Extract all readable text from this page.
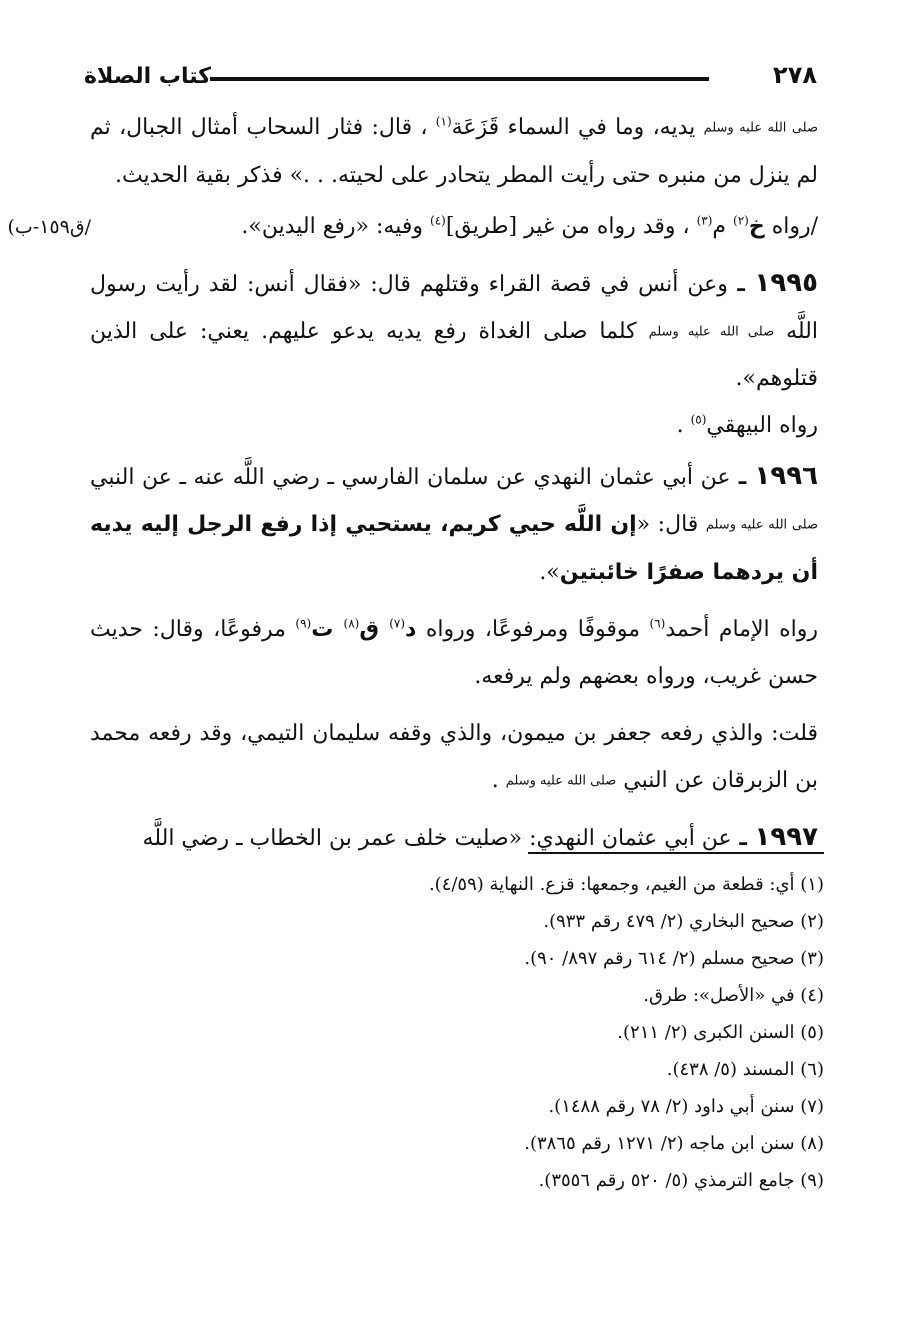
٢٧٨
كتاب الصلاة
/ق١٥٩-ب)

صلى الله عليه وسلم يديه، وما في السماء قَزَعَة$^{(١)}$ ، قال: فثار السحاب أمثال الجبال، ثم لم ينزل من منبره حتى رأيت المطر يتحادر على لحيته. . .» فذكر بقية الحديث.

/رواه خ$^{(٢)}$ م$^{(٣)}$ ، وقد رواه من غير [طريق]$^{(٤)}$ وفيه: «رفع اليدين».

١٩٩٥ ـ وعن أنس في قصة القراء وقتلهم قال: «فقال أنس: لقد رأيت رسول اللَّه صلى الله عليه وسلم كلما صلى الغداة رفع يديه يدعو عليهم. يعني: على الذين قتلوهم».
رواه البيهقي$^{(٥)}$ .

١٩٩٦ ـ عن أبي عثمان النهدي عن سلمان الفارسي ـ رضي اللَّه عنه ـ عن النبي صلى الله عليه وسلم قال: «إن اللَّه حيي كريم، يستحيي إذا رفع الرجل إليه يديه أن يردهما صفرًا خائبتين».

رواه الإمام أحمد$^{(٦)}$ موقوفًا ومرفوعًا، ورواه د$^{(٧)}$ ق$^{(٨)}$ ت$^{(٩)}$ مرفوعًا، وقال: حديث حسن غريب، ورواه بعضهم ولم يرفعه.

قلت: والذي رفعه جعفر بن ميمون، والذي وقفه سليمان التيمي، وقد رفعه محمد بن الزبرقان عن النبي صلى الله عليه وسلم .

١٩٩٧ ـ عن أبي عثمان النهدي: «صليت خلف عمر بن الخطاب ـ رضي اللَّه

(١) أي: قطعة من الغيم، وجمعها: قزع. النهاية (٤/٥٩).

(٢) صحيح البخاري (٢/ ٤٧٩ رقم ٩٣٣).

(٣) صحيح مسلم (٢/ ٦١٤ رقم ٨٩٧/ ٩٠).

(٤) في «الأصل»: طرق.

(٥) السنن الكبرى (٢/ ٢١١).

(٦) المسند (٥/ ٤٣٨).

(٧) سنن أبي داود (٢/ ٧٨ رقم ١٤٨٨).

(٨) سنن ابن ماجه (٢/ ١٢٧١ رقم ٣٨٦٥).

(٩) جامع الترمذي (٥/ ٥٢٠ رقم ٣٥٥٦).
